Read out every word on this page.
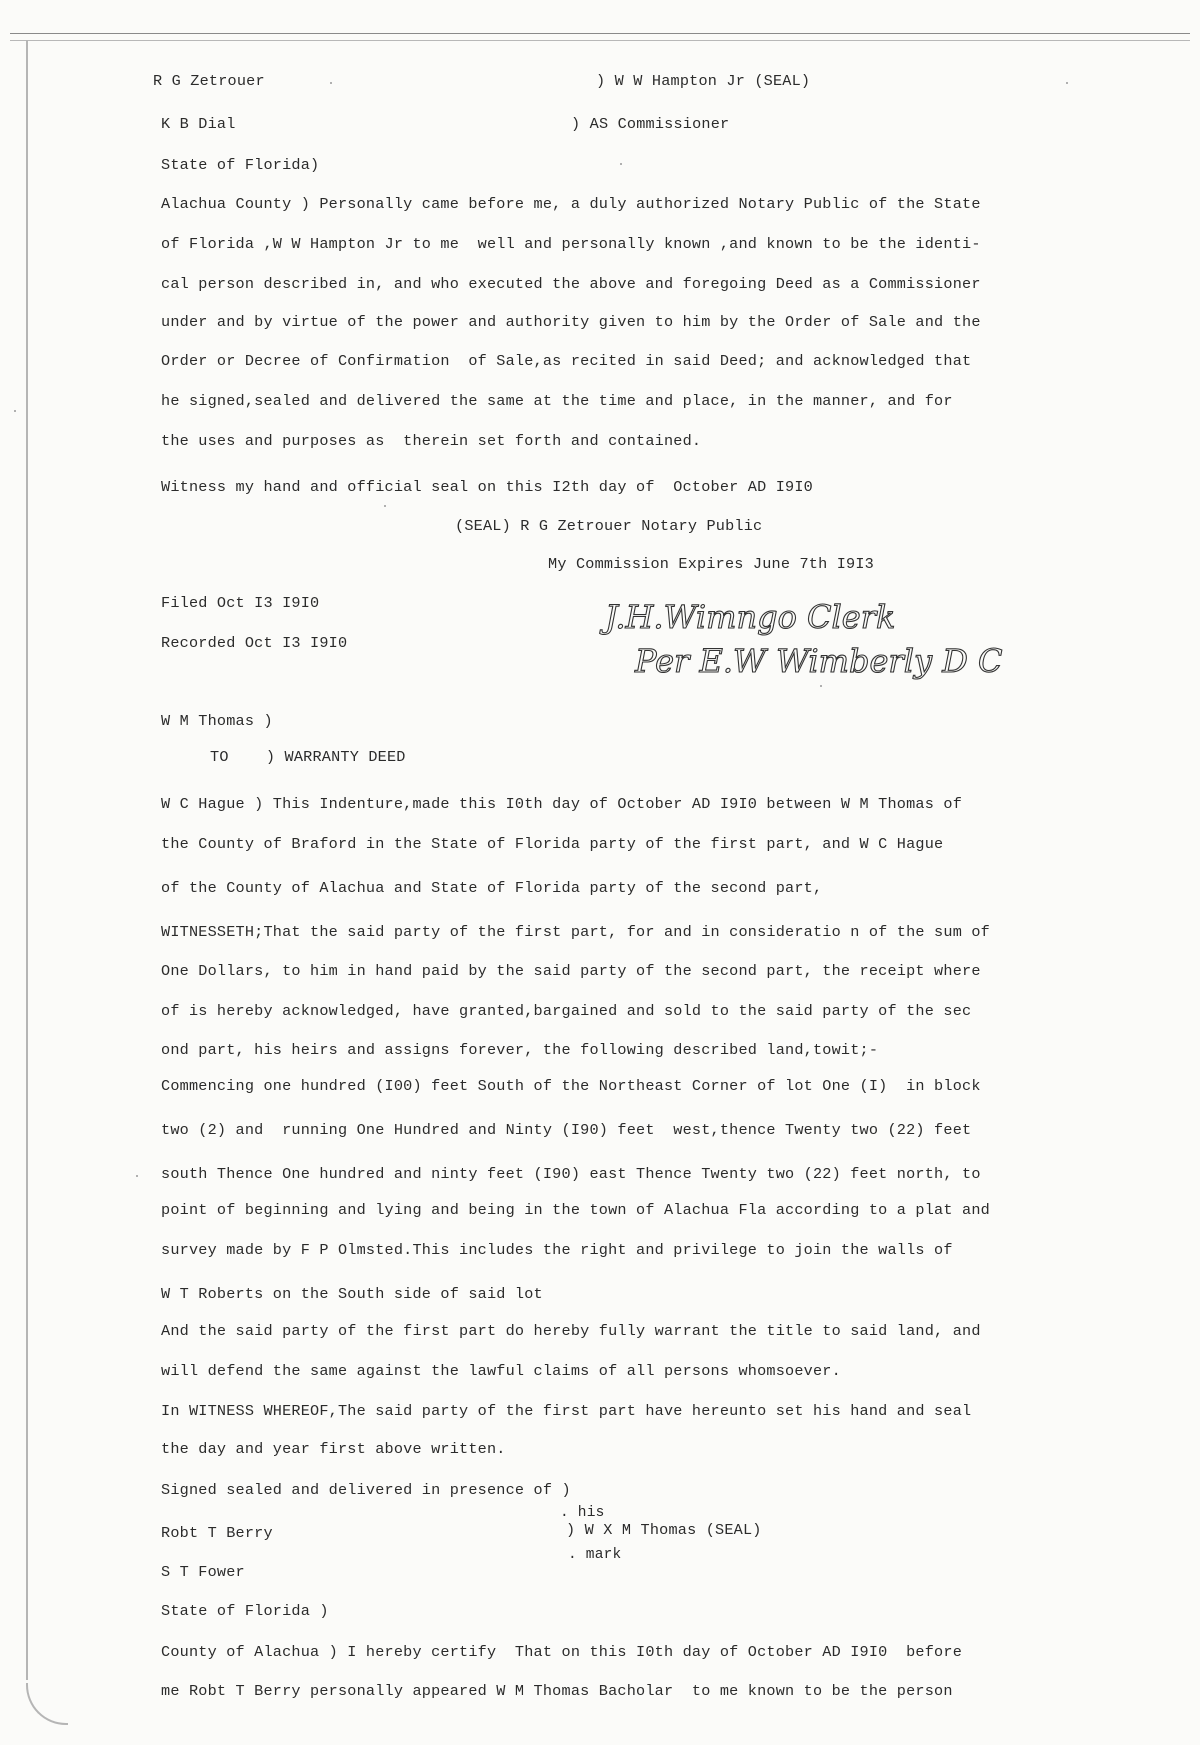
R G Zetrouer	) W W Hampton Jr (SEAL)
K B Dial	) AS Commissioner
State of Florida)
Alachua County ) Personally came before me, a duly authorized Notary Public of the State
of Florida ,W W Hampton Jr to me  well and personally known ,and known to be the identi-
cal person described in, and who executed the above and foregoing Deed as a Commissioner
under and by virtue of the power and authority given to him by the Order of Sale and the
Order or Decree of Confirmation  of Sale,as recited in said Deed; and acknowledged that
he signed,sealed and delivered the same at the time and place, in the manner, and for
the uses and purposes as  therein set forth and contained.
Witness my hand and official seal on this I2th day of  October AD I9I0
(SEAL) R G Zetrouer Notary Public
My Commission Expires June 7th I9I3
Filed Oct I3 I9I0
Recorded Oct I3 I9I0
J.H.Wimngo Clerk
Per E.W Wimberly D C
W M Thomas )
TO    ) WARRANTY DEED
W C Hague ) This Indenture,made this I0th day of October AD I9I0 between W M Thomas of
the County of Braford in the State of Florida party of the first part, and W C Hague
of the County of Alachua and State of Florida party of the second part,
WITNESSETH;That the said party of the first part, for and in consideratio n of the sum of
One Dollars, to him in hand paid by the said party of the second part, the receipt where
of is hereby acknowledged, have granted,bargained and sold to the said party of the sec
ond part, his heirs and assigns forever, the following described land,towit;-
Commencing one hundred (I00) feet South of the Northeast Corner of lot One (I)  in block
two (2) and  running One Hundred and Ninty (I90) feet  west,thence Twenty two (22) feet
south Thence One hundred and ninty feet (I90) east Thence Twenty two (22) feet north, to
point of beginning and lying and being in the town of Alachua Fla according to a plat and
survey made by F P Olmsted.This includes the right and privilege to join the walls of
W T Roberts on the South side of said lot
And the said party of the first part do hereby fully warrant the title to said land, and
will defend the same against the lawful claims of all persons whomsoever.
In WITNESS WHEREOF,The said party of the first part have hereunto set his hand and seal
the day and year first above written.
Signed sealed and delivered in presence of )
. his
Robt T Berry	) W X M Thomas (SEAL)
. mark
S T Fower
State of Florida )
County of Alachua ) I hereby certify  That on this I0th day of October AD I9I0  before
me Robt T Berry personally appeared W M Thomas Bacholar  to me known to be the person
